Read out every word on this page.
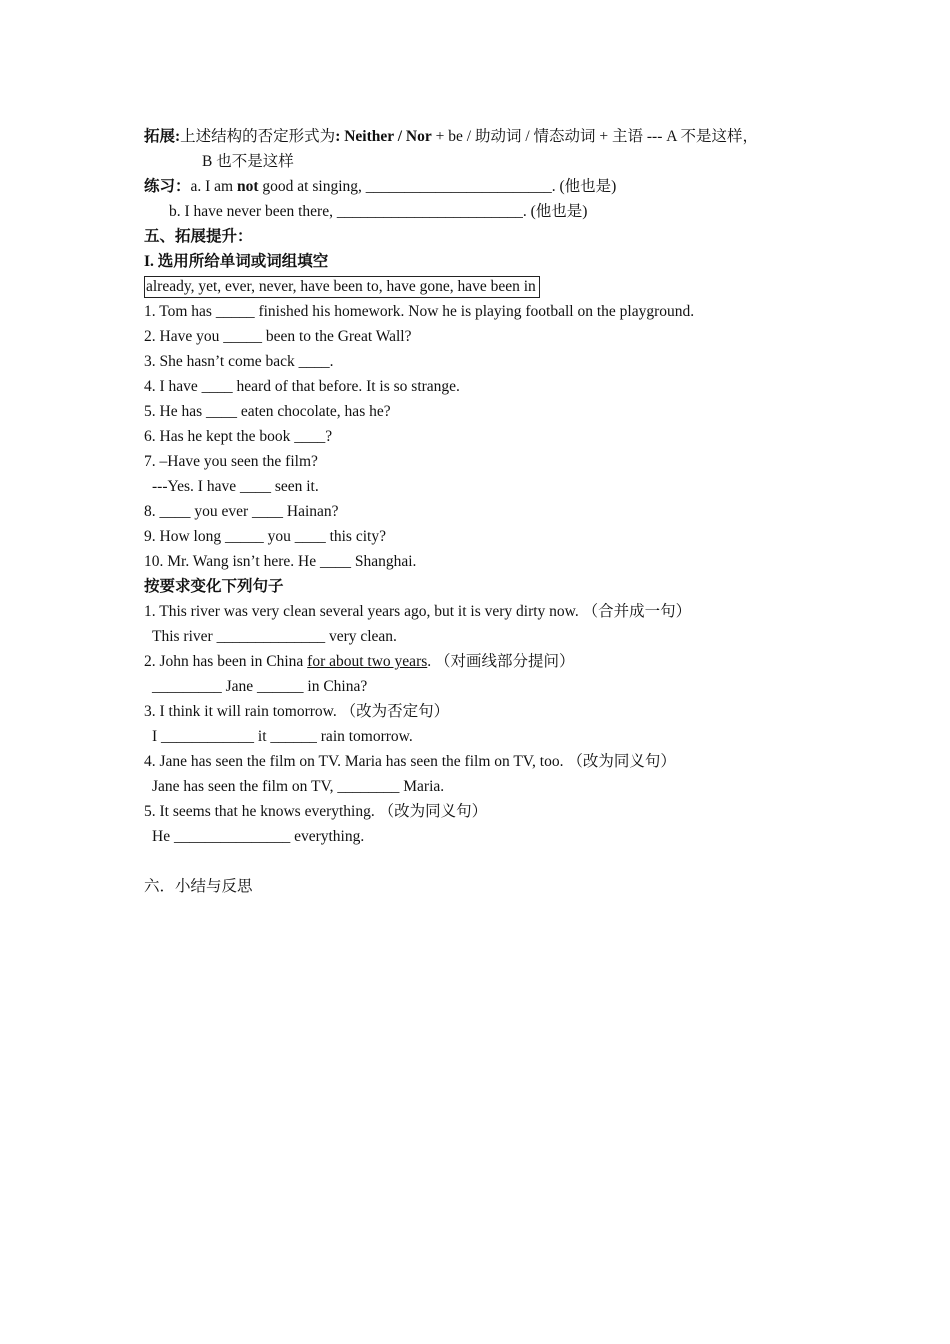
拓展:上述结构的否定形式为: Neither / Nor + be / 助动词 / 情态动词 + 主语 --- A 不是这样，
B 也不是这样
练习：a. I am not good at singing, ________________________. (他也是)
b. I have never been there, ________________________. (他也是)
五、拓展提升：
I. 选用所给单词或词组填空
already, yet, ever, never, have been to, have gone, have been in
1. Tom has _____ finished his homework. Now he is playing football on the playground.
2. Have you _____ been to the Great Wall?
3. She hasn’t come back ____.
4. I have ____ heard of that before. It is so strange.
5. He has ____ eaten chocolate, has he?
6. Has he kept the book ____?
7. –Have you seen the film?
---Yes. I have ____ seen it.
8. ____ you ever ____ Hainan?
9. How long _____ you ____ this city?
10. Mr. Wang isn’t here. He ____ Shanghai.
按要求变化下列句子
1. This river was very clean several years ago, but it is very dirty now. （合并成一句）
This river ______________ very clean.
2. John has been in China for about two years. （对画线部分提问）
_________ Jane ______ in China?
3. I think it will rain tomorrow. （改为否定句）
I ____________ it ______ rain tomorrow.
4. Jane has seen the film on TV. Maria has seen the film on TV, too. （改为同义句）
Jane has seen the film on TV, ________ Maria.
5. It seems that he knows everything. （改为同义句）
He _______________ everything.
六．小结与反思
